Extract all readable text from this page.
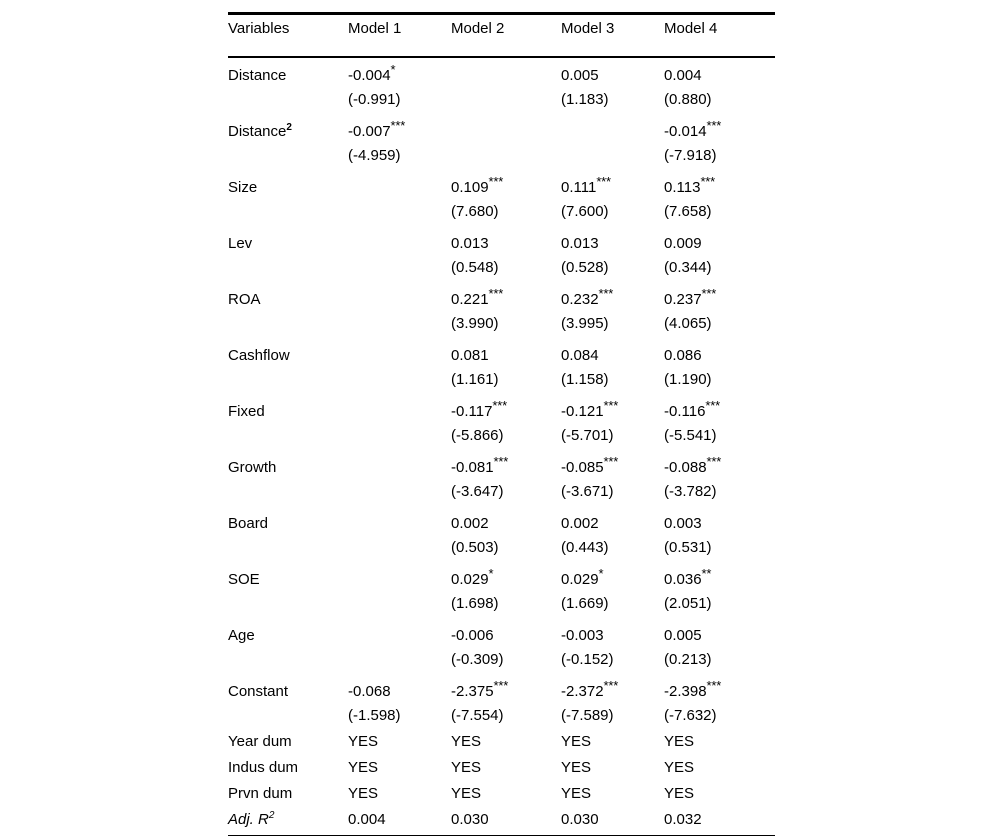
Variables	Model 1	Model 2	Model 3	Model 4
Distance	-0.004*		0.005	0.004
	(-0.991)		(1.183)	(0.880)
Distance$^2$	-0.007***			-0.014***
	(-4.959)			(-7.918)
Size		0.109***	0.111***	0.113***
		(7.680)	(7.600)	(7.658)
Lev		0.013	0.013	0.009
		(0.548)	(0.528)	(0.344)
ROA		0.221***	0.232***	0.237***
		(3.990)	(3.995)	(4.065)
Cashflow		0.081	0.084	0.086
		(1.161)	(1.158)	(1.190)
Fixed		-0.117***	-0.121***	-0.116***
		(-5.866)	(-5.701)	(-5.541)
Growth		-0.081***	-0.085***	-0.088***
		(-3.647)	(-3.671)	(-3.782)
Board		0.002	0.002	0.003
		(0.503)	(0.443)	(0.531)
SOE		0.029*	0.029*	0.036**
		(1.698)	(1.669)	(2.051)
Age		-0.006	-0.003	0.005
		(-0.309)	(-0.152)	(0.213)
Constant	-0.068	-2.375***	-2.372***	-2.398***
	(-1.598)	(-7.554)	(-7.589)	(-7.632)
Year dum	YES	YES	YES	YES
Indus dum	YES	YES	YES	YES
Prvn dum	YES	YES	YES	YES
Adj. $R^2$	0.004	0.030	0.030	0.032
